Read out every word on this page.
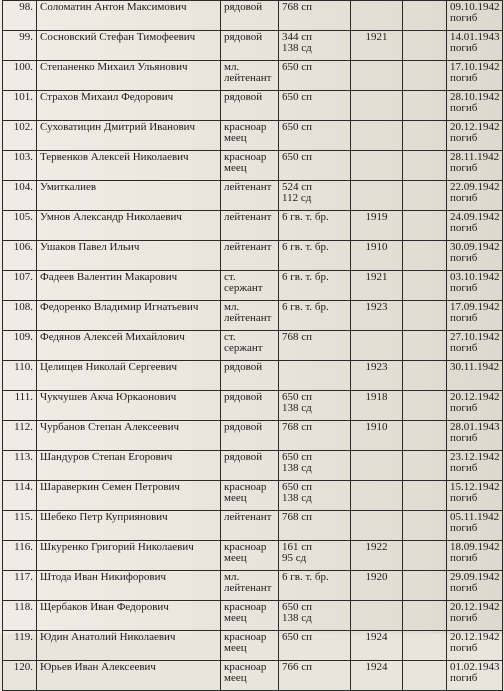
98.	Соломатин Антон Максимович	рядовой	768 сп			09.10.1942
погиб
99.	Сосновский Стефан Тимофеевич	рядовой	344 сп
138 сд	1921		14.01.1943
погиб
100.	Степаненко Михаил Ульянович	мл.
лейтенант	650 сп			17.10.1942
погиб
101.	Страхов Михаил Федорович	рядовой	650 сп			28.10.1942
погиб
102.	Суховатицин Дмитрий Иванович	красноар
меец	650 сп			20.12.1942
погиб
103.	Тервенков Алексей Николаевич	красноар
меец	650 сп			28.11.1942
погиб
104.	Умиткалиев	лейтенант	524 сп
112 сд			22.09.1942
погиб
105.	Умнов Александр Николаевич	лейтенант	6 гв. т. бр.	1919		24.09.1942
погиб
106.	Ушаков Павел Ильич	лейтенант	6 гв. т. бр.	1910		30.09.1942
погиб
107.	Фадеев Валентин Макарович	ст.
сержант	6 гв. т. бр.	1921		03.10.1942
погиб
108.	Федоренко Владимир Игнатьевич	мл.
лейтенант	6 гв. т. бр.	1923		17.09.1942
погиб
109.	Федянов Алексей Михайлович	ст.
сержант	768 сп			27.10.1942
погиб
110.	Целищев Николай Сергеевич	рядовой		1923		30.11.1942
111.	Чукчушев Акча Юркаонович	рядовой	650 сп
138 сд	1918		20.12.1942
погиб
112.	Чурбанов Степан Алексеевич	рядовой	768 сп	1910		28.01.1943
погиб
113.	Шандуров Степан Егорович	рядовой	650 сп
138 сд			23.12.1942
погиб
114.	Шараверкин Семен Петрович	красноар
меец	650 сп
138 сд			15.12.1942
погиб
115.	Шебеко Петр Куприянович	лейтенант	768 сп			05.11.1942
погиб
116.	Шкуренко Григорий Николаевич	красноар
меец	161 сп
95 сд	1922		18.09.1942
погиб
117.	Штода Иван Никифорович	мл.
лейтенант	6 гв. т. бр.	1920		29.09.1942
погиб
118.	Щербаков Иван Федорович	красноар
меец	650 сп
138 сд			20.12.1942
погиб
119.	Юдин Анатолий Николаевич	красноар
меец	650 сп	1924		20.12.1942
погиб
120.	Юрьев Иван Алексеевич	красноар
меец	766 сп	1924		01.02.1943
погиб
